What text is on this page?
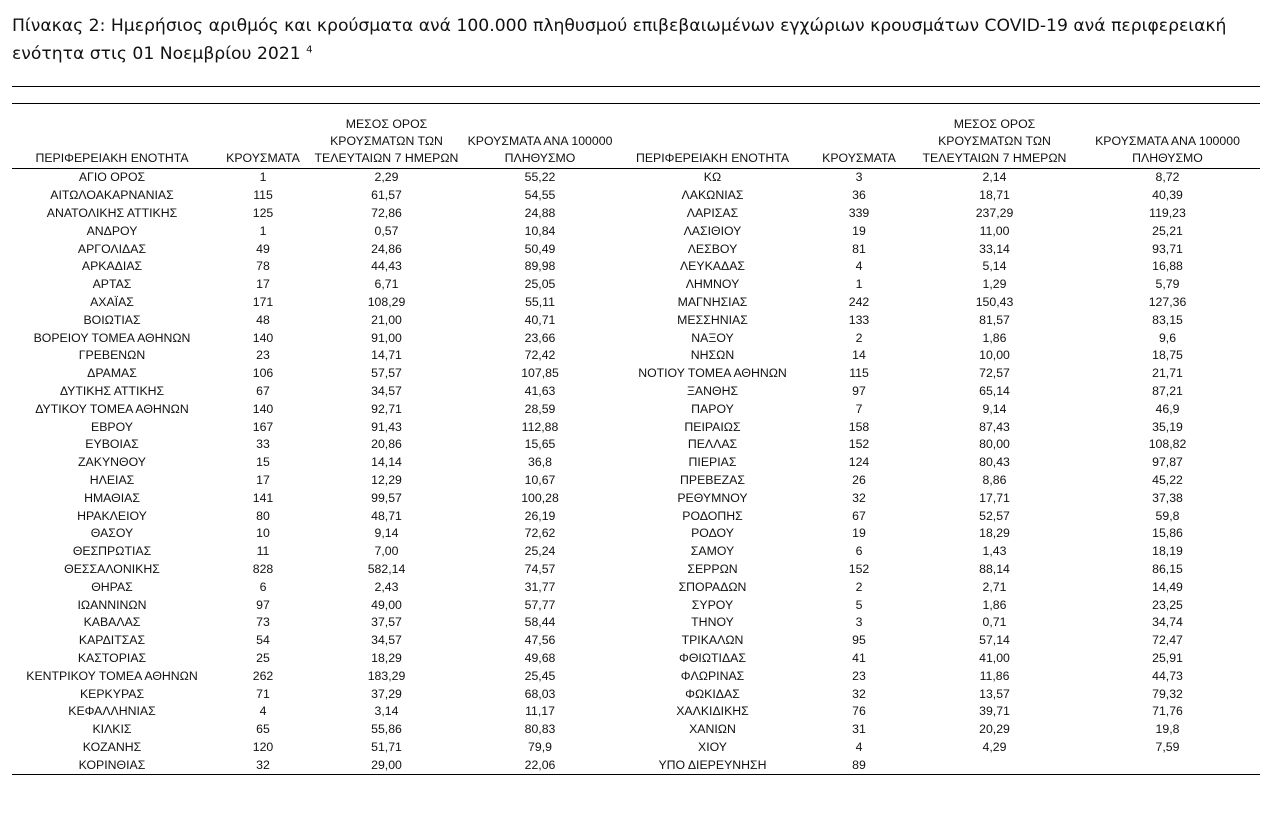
Πίνακας 2: Ημερήσιος αριθμός και κρούσματα ανά 100.000 πληθυσμού επιβεβαιωμένων εγχώριων κρουσμάτων COVID-19 ανά περιφερειακή ενότητα στις 01 Νοεμβρίου 2021 $^4$
ΠΕΡΙΦΕΡΕΙΑΚΗ ΕΝΟΤΗΤΑ	ΚΡΟΥΣΜΑΤΑ	ΜΕΣΟΣ ΟΡΟΣ
ΚΡΟΥΣΜΑΤΩΝ ΤΩΝ
ΤΕΛΕΥΤΑΙΩΝ 7 ΗΜΕΡΩΝ	ΚΡΟΥΣΜΑΤΑ ΑΝΑ 100000
ΠΛΗΘΥΣΜΟ	ΠΕΡΙΦΕΡΕΙΑΚΗ ΕΝΟΤΗΤΑ	ΚΡΟΥΣΜΑΤΑ	ΜΕΣΟΣ ΟΡΟΣ
ΚΡΟΥΣΜΑΤΩΝ ΤΩΝ
ΤΕΛΕΥΤΑΙΩΝ 7 ΗΜΕΡΩΝ	ΚΡΟΥΣΜΑΤΑ ΑΝΑ 100000
ΠΛΗΘΥΣΜΟ
ΑΓΙΟ ΟΡΟΣ	1	2,29	55,22	ΚΩ	3	2,14	8,72
ΑΙΤΩΛΟΑΚΑΡΝΑΝΙΑΣ	115	61,57	54,55	ΛΑΚΩΝΙΑΣ	36	18,71	40,39
ΑΝΑΤΟΛΙΚΗΣ ΑΤΤΙΚΗΣ	125	72,86	24,88	ΛΑΡΙΣΑΣ	339	237,29	119,23
ΑΝΔΡΟΥ	1	0,57	10,84	ΛΑΣΙΘΙΟΥ	19	11,00	25,21
ΑΡΓΟΛΙΔΑΣ	49	24,86	50,49	ΛΕΣΒΟΥ	81	33,14	93,71
ΑΡΚΑΔΙΑΣ	78	44,43	89,98	ΛΕΥΚΑΔΑΣ	4	5,14	16,88
ΑΡΤΑΣ	17	6,71	25,05	ΛΗΜΝΟΥ	1	1,29	5,79
ΑΧΑΪΑΣ	171	108,29	55,11	ΜΑΓΝΗΣΙΑΣ	242	150,43	127,36
ΒΟΙΩΤΙΑΣ	48	21,00	40,71	ΜΕΣΣΗΝΙΑΣ	133	81,57	83,15
ΒΟΡΕΙΟΥ ΤΟΜΕΑ ΑΘΗΝΩΝ	140	91,00	23,66	ΝΑΞΟΥ	2	1,86	9,6
ΓΡΕΒΕΝΩΝ	23	14,71	72,42	ΝΗΣΩΝ	14	10,00	18,75
ΔΡΑΜΑΣ	106	57,57	107,85	ΝΟΤΙΟΥ ΤΟΜΕΑ ΑΘΗΝΩΝ	115	72,57	21,71
ΔΥΤΙΚΗΣ ΑΤΤΙΚΗΣ	67	34,57	41,63	ΞΑΝΘΗΣ	97	65,14	87,21
ΔΥΤΙΚΟΥ ΤΟΜΕΑ ΑΘΗΝΩΝ	140	92,71	28,59	ΠΑΡΟΥ	7	9,14	46,9
ΕΒΡΟΥ	167	91,43	112,88	ΠΕΙΡΑΙΩΣ	158	87,43	35,19
ΕΥΒΟΙΑΣ	33	20,86	15,65	ΠΕΛΛΑΣ	152	80,00	108,82
ΖΑΚΥΝΘΟΥ	15	14,14	36,8	ΠΙΕΡΙΑΣ	124	80,43	97,87
ΗΛΕΙΑΣ	17	12,29	10,67	ΠΡΕΒΕΖΑΣ	26	8,86	45,22
ΗΜΑΘΙΑΣ	141	99,57	100,28	ΡΕΘΥΜΝΟΥ	32	17,71	37,38
ΗΡΑΚΛΕΙΟΥ	80	48,71	26,19	ΡΟΔΟΠΗΣ	67	52,57	59,8
ΘΑΣΟΥ	10	9,14	72,62	ΡΟΔΟΥ	19	18,29	15,86
ΘΕΣΠΡΩΤΙΑΣ	11	7,00	25,24	ΣΑΜΟΥ	6	1,43	18,19
ΘΕΣΣΑΛΟΝΙΚΗΣ	828	582,14	74,57	ΣΕΡΡΩΝ	152	88,14	86,15
ΘΗΡΑΣ	6	2,43	31,77	ΣΠΟΡΑΔΩΝ	2	2,71	14,49
ΙΩΑΝΝΙΝΩΝ	97	49,00	57,77	ΣΥΡΟΥ	5	1,86	23,25
ΚΑΒΑΛΑΣ	73	37,57	58,44	ΤΗΝΟΥ	3	0,71	34,74
ΚΑΡΔΙΤΣΑΣ	54	34,57	47,56	ΤΡΙΚΑΛΩΝ	95	57,14	72,47
ΚΑΣΤΟΡΙΑΣ	25	18,29	49,68	ΦΘΙΩΤΙΔΑΣ	41	41,00	25,91
ΚΕΝΤΡΙΚΟΥ ΤΟΜΕΑ ΑΘΗΝΩΝ	262	183,29	25,45	ΦΛΩΡΙΝΑΣ	23	11,86	44,73
ΚΕΡΚΥΡΑΣ	71	37,29	68,03	ΦΩΚΙΔΑΣ	32	13,57	79,32
ΚΕΦΑΛΛΗΝΙΑΣ	4	3,14	11,17	ΧΑΛΚΙΔΙΚΗΣ	76	39,71	71,76
ΚΙΛΚΙΣ	65	55,86	80,83	ΧΑΝΙΩΝ	31	20,29	19,8
ΚΟΖΑΝΗΣ	120	51,71	79,9	ΧΙΟΥ	4	4,29	7,59
ΚΟΡΙΝΘΙΑΣ	32	29,00	22,06	ΥΠΟ ΔΙΕΡΕΥΝΗΣΗ	89		
